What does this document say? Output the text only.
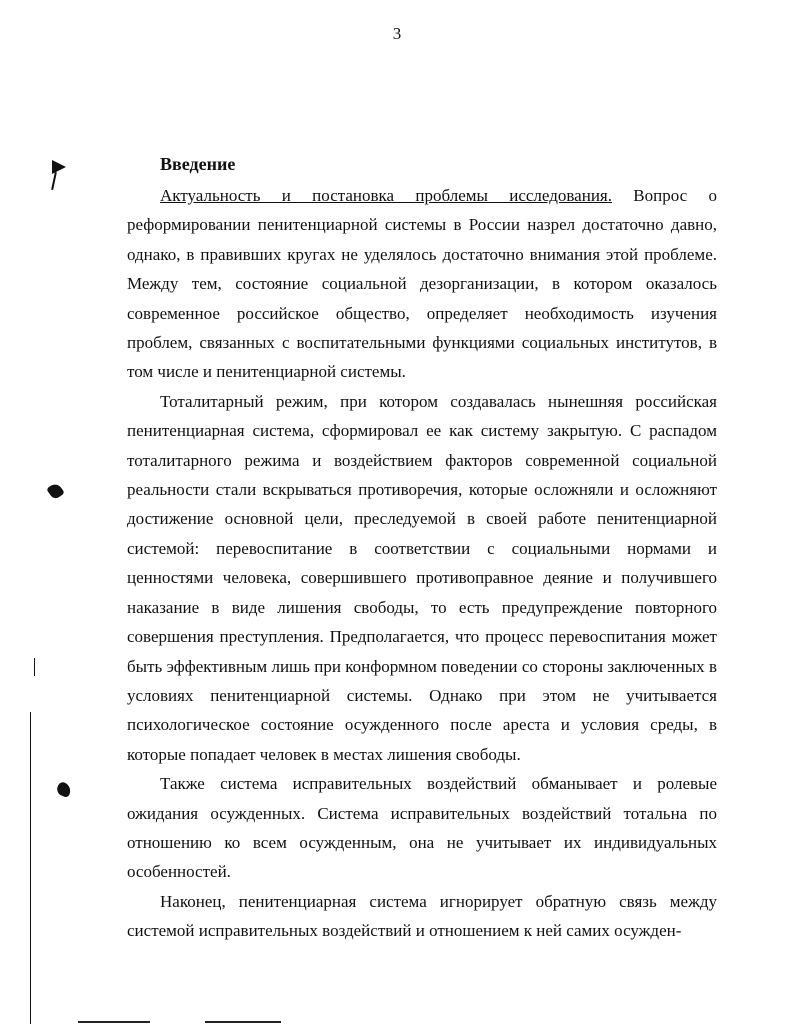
3
Введение

Актуальность и постановка проблемы исследования. Вопрос о реформировании пенитенциарной системы в России назрел достаточно давно, однако, в правивших кругах не уделялось достаточно внимания этой проблеме. Между тем, состояние социальной дезорганизации, в котором оказалось современное российское общество, определяет необходимость изучения проблем, связанных с воспитательными функциями социальных институтов, в том числе и пенитенциарной системы.

Тоталитарный режим, при котором создавалась нынешняя российская пенитенциарная система, сформировал ее как систему закрытую. С распадом тоталитарного режима и воздействием факторов современной социальной реальности стали вскрываться противоречия, которые осложняли и осложняют достижение основной цели, преследуемой в своей работе пенитенциарной системой: перевоспитание в соответствии с социальными нормами и ценностями человека, совершившего противоправное деяние и получившего наказание в виде лишения свободы, то есть предупреждение повторного совершения преступления. Предполагается, что процесс перевоспитания может быть эффективным лишь при конформном поведении со стороны заключенных в условиях пенитенциарной системы. Однако при этом не учитывается психологическое состояние осужденного после ареста и условия среды, в которые попадает человек в местах лишения свободы.

Также система исправительных воздействий обманывает и ролевые ожидания осужденных. Система исправительных воздействий тотальна по отношению ко всем осужденным, она не учитывает их индивидуальных особенностей.

Наконец, пенитенциарная система игнорирует обратную связь между системой исправительных воздействий и отношением к ней самих осужден-
